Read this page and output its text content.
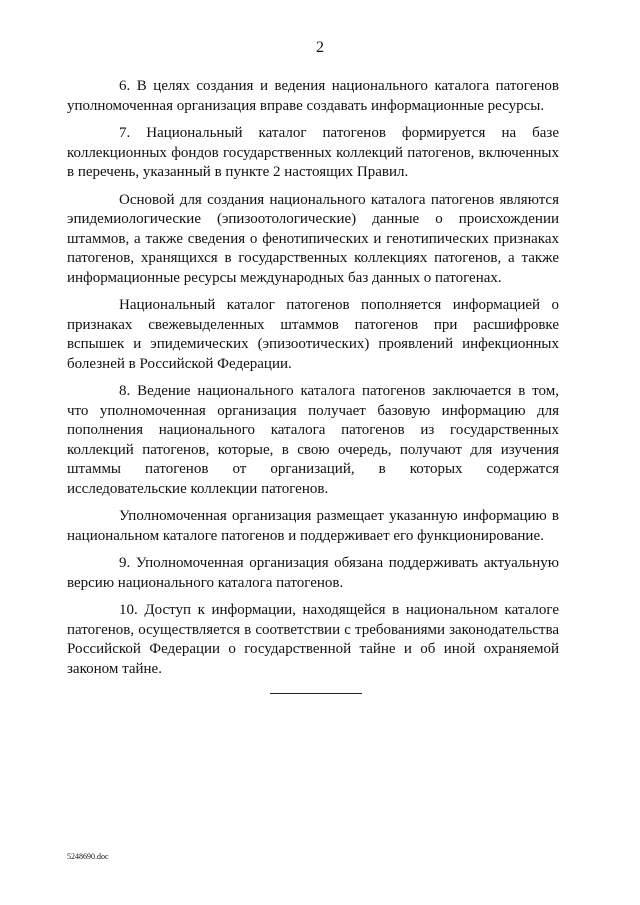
2

6. В целях создания и ведения национального каталога патогенов уполномоченная организация вправе создавать информационные ресурсы.

7. Национальный каталог патогенов формируется на базе коллекционных фондов государственных коллекций патогенов, включенных в перечень, указанный в пункте 2 настоящих Правил.

Основой для создания национального каталога патогенов являются эпидемиологические (эпизоотологические) данные о происхождении штаммов, а также сведения о фенотипических и генотипических признаках патогенов, хранящихся в государственных коллекциях патогенов, а также информационные ресурсы международных баз данных о патогенах.

Национальный каталог патогенов пополняется информацией о признаках свежевыделенных штаммов патогенов при расшифровке вспышек и эпидемических (эпизоотических) проявлений инфекционных болезней в Российской Федерации.

8. Ведение национального каталога патогенов заключается в том, что уполномоченная организация получает базовую информацию для пополнения национального каталога патогенов из государственных коллекций патогенов, которые, в свою очередь, получают для изучения штаммы патогенов от организаций, в которых содержатся исследовательские коллекции патогенов.

Уполномоченная организация размещает указанную информацию в национальном каталоге патогенов и поддерживает его функционирование.

9. Уполномоченная организация обязана поддерживать актуальную версию национального каталога патогенов.

10. Доступ к информации, находящейся в национальном каталоге патогенов, осуществляется в соответствии с требованиями законодательства Российской Федерации о государственной тайне и об иной охраняемой законом тайне.

5248690.doc
